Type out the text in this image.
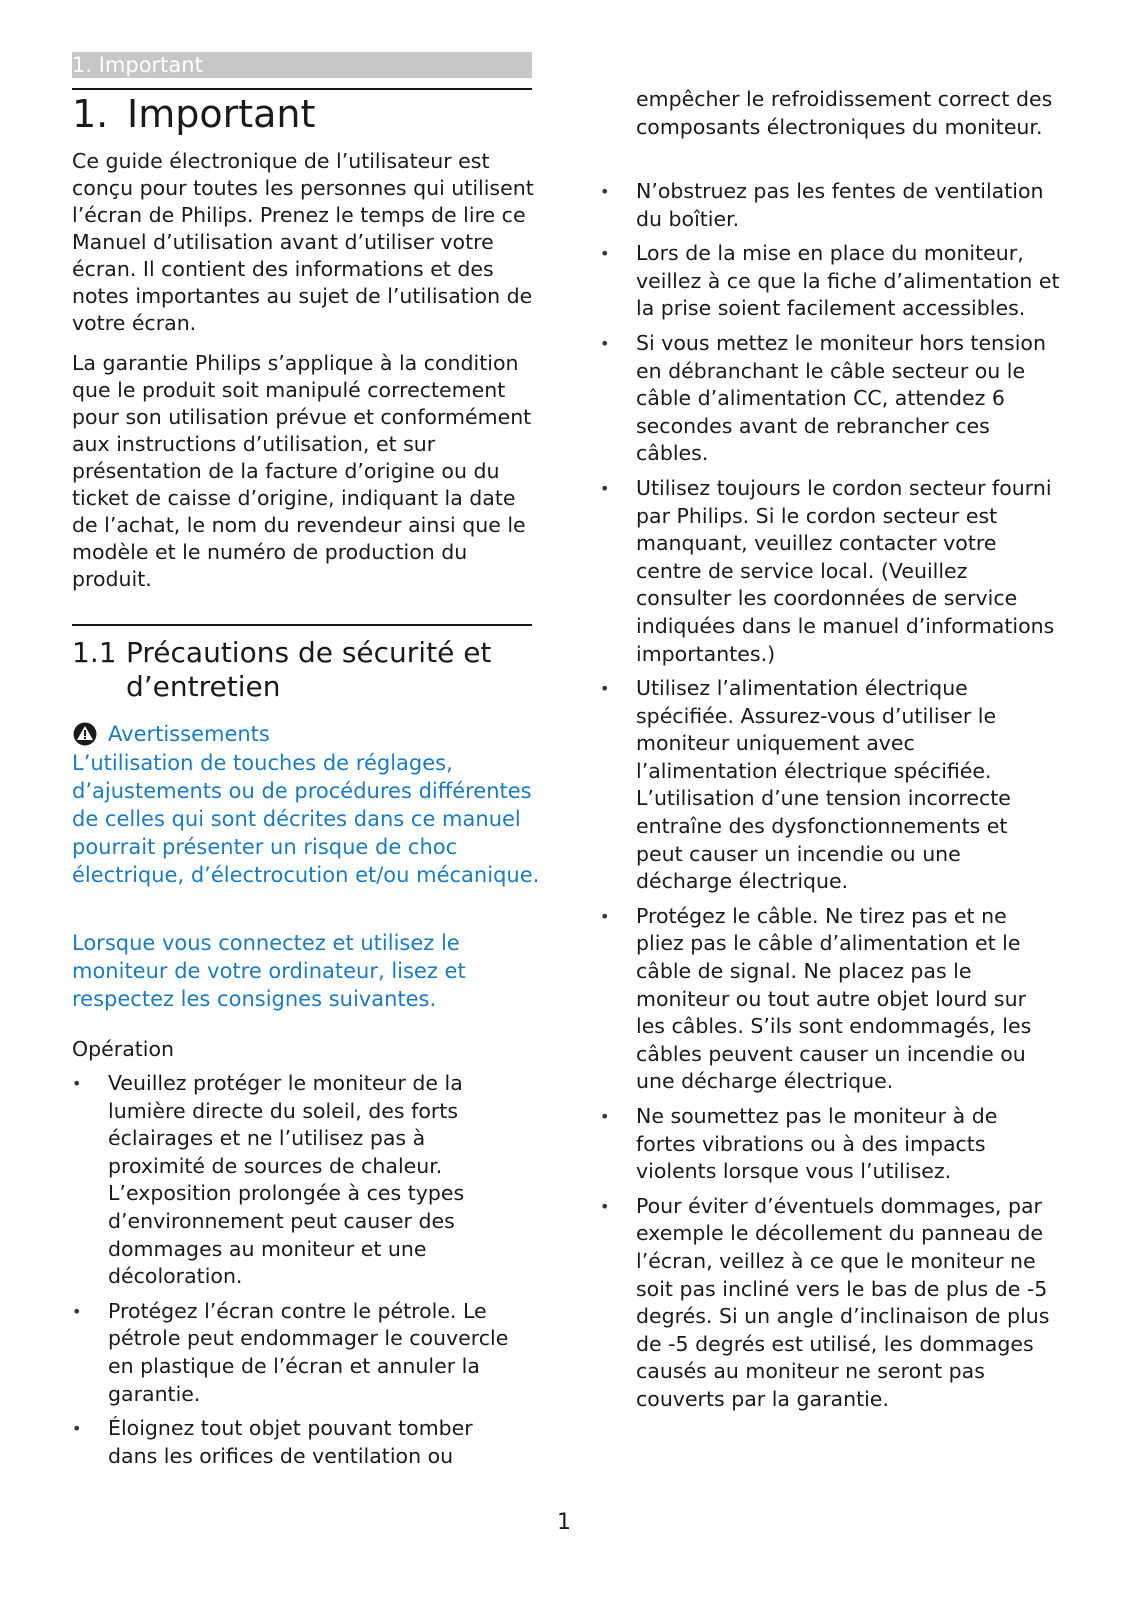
1. Important
1. Important

Ce guide électronique de l’utilisateur est conçu pour toutes les personnes qui utilisent l’écran de Philips. Prenez le temps de lire ce Manuel d’utilisation avant d’utiliser votre écran. Il contient des informations et des notes importantes au sujet de l’utilisation de votre écran.

La garantie Philips s’applique à la condition que le produit soit manipulé correctement pour son utilisation prévue et conformément aux instructions d’utilisation, et sur présentation de la facture d’origine ou du ticket de caisse d’origine, indiquant la date de l’achat, le nom du revendeur ainsi que le modèle et le numéro de production du produit.

1.1 Précautions de sécurité et d’entretien
Avertissements

L’utilisation de touches de réglages, d’ajustements ou de procédures différentes de celles qui sont décrites dans ce manuel pourrait présenter un risque de choc électrique, d’électrocution et/ou mécanique.

Lorsque vous connectez et utilisez le moniteur de votre ordinateur, lisez et respectez les consignes suivantes.

Opération
• Veuillez protéger le moniteur de la lumière directe du soleil, des forts éclairages et ne l’utilisez pas à proximité de sources de chaleur. L’exposition prolongée à ces types d’environnement peut causer des dommages au moniteur et une décoloration.
• Protégez l’écran contre le pétrole. Le pétrole peut endommager le couvercle en plastique de l’écran et annuler la garantie.
• Éloignez tout objet pouvant tomber dans les orifices de ventilation ou

empêcher le refroidissement correct des composants électroniques du moniteur.

• N’obstruez pas les fentes de ventilation du boîtier.
• Lors de la mise en place du moniteur, veillez à ce que la fiche d’alimentation et la prise soient facilement accessibles.
• Si vous mettez le moniteur hors tension en débranchant le câble secteur ou le câble d’alimentation CC, attendez 6 secondes avant de rebrancher ces câbles.
• Utilisez toujours le cordon secteur fourni par Philips. Si le cordon secteur est manquant, veuillez contacter votre centre de service local. (Veuillez consulter les coordonnées de service indiquées dans le manuel d’informations importantes.)
• Utilisez l’alimentation électrique spécifiée. Assurez-vous d’utiliser le moniteur uniquement avec l’alimentation électrique spécifiée. L’utilisation d’une tension incorrecte entraîne des dysfonctionnements et peut causer un incendie ou une décharge électrique.
• Protégez le câble. Ne tirez pas et ne pliez pas le câble d’alimentation et le câble de signal. Ne placez pas le moniteur ou tout autre objet lourd sur les câbles. S’ils sont endommagés, les câbles peuvent causer un incendie ou une décharge électrique.
• Ne soumettez pas le moniteur à de fortes vibrations ou à des impacts violents lorsque vous l’utilisez.
• Pour éviter d’éventuels dommages, par exemple le décollement du panneau de l’écran, veillez à ce que le moniteur ne soit pas incliné vers le bas de plus de -5 degrés. Si un angle d’inclinaison de plus de -5 degrés est utilisé, les dommages causés au moniteur ne seront pas couverts par la garantie.
1
